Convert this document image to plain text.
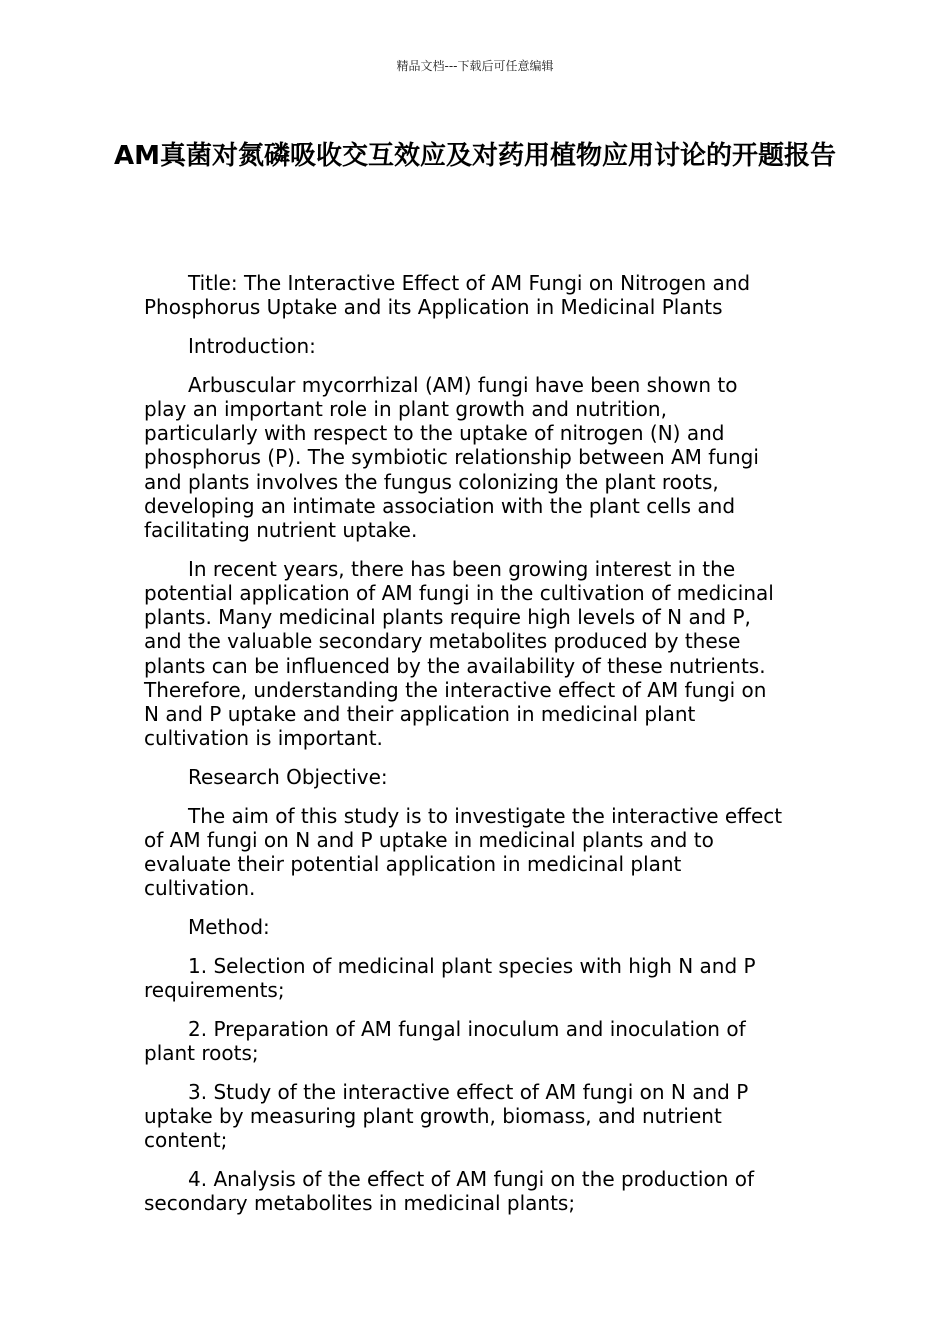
精品文档---下载后可任意编辑
AM真菌对氮磷吸收交互效应及对药用植物应用讨论的开题报告

Title: The Interactive Effect of AM Fungi on Nitrogen and
Phosphorus Uptake and its Application in Medicinal Plants

Introduction:

Arbuscular mycorrhizal (AM) fungi have been shown to
play an important role in plant growth and nutrition,
particularly with respect to the uptake of nitrogen (N) and
phosphorus (P). The symbiotic relationship between AM fungi
and plants involves the fungus colonizing the plant roots,
developing an intimate association with the plant cells and
facilitating nutrient uptake.

In recent years, there has been growing interest in the
potential application of AM fungi in the cultivation of medicinal
plants. Many medicinal plants require high levels of N and P,
and the valuable secondary metabolites produced by these
plants can be influenced by the availability of these nutrients.
Therefore, understanding the interactive effect of AM fungi on
N and P uptake and their application in medicinal plant
cultivation is important.

Research Objective:

The aim of this study is to investigate the interactive effect
of AM fungi on N and P uptake in medicinal plants and to
evaluate their potential application in medicinal plant
cultivation.

Method:

1. Selection of medicinal plant species with high N and P
requirements;

2. Preparation of AM fungal inoculum and inoculation of
plant roots;

3. Study of the interactive effect of AM fungi on N and P
uptake by measuring plant growth, biomass, and nutrient
content;

4. Analysis of the effect of AM fungi on the production of
secondary metabolites in medicinal plants;
